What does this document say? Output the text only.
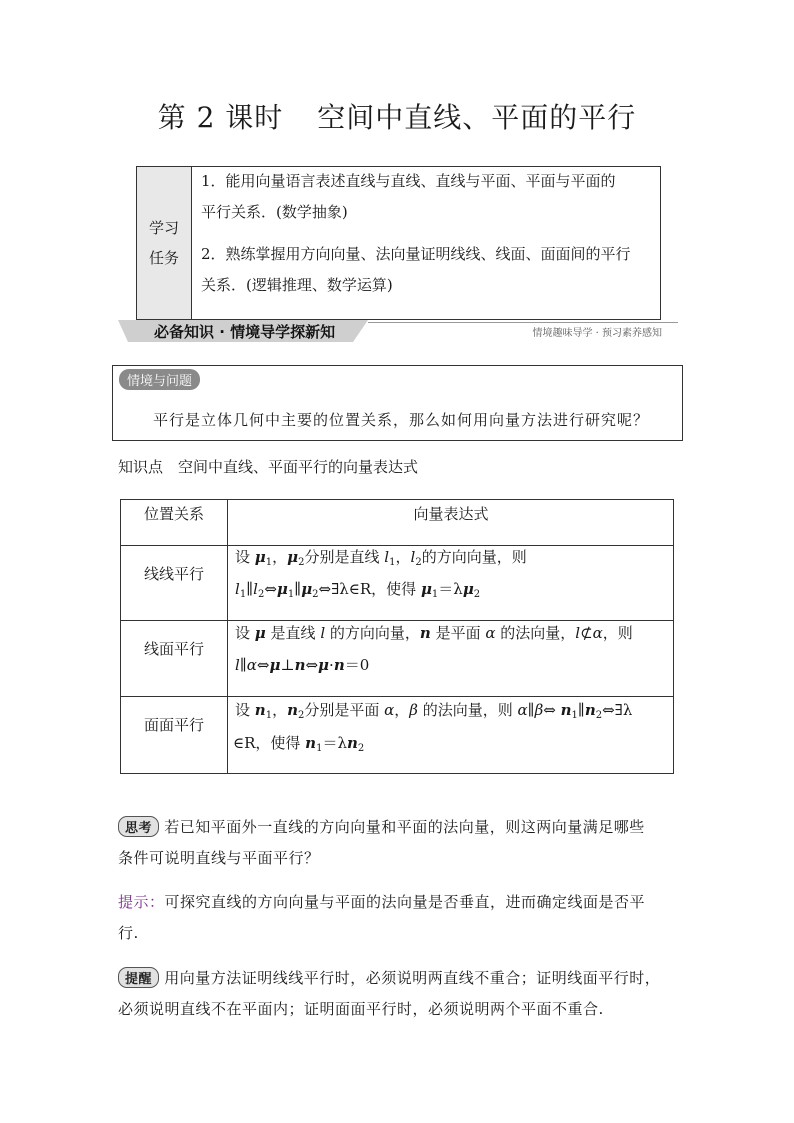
第 2 课时 空间中直线、平面的平行
学习
任务
1．能用向量语言表述直线与直线、直线与平面、平面与平面的
平行关系．(数学抽象)
2．熟练掌握用方向向量、法向量证明线线、线面、面面间的平行
关系．(逻辑推理、数学运算)
必备知识 · 情境导学探新知	情境趣味导学 · 预习素养感知
情境与问题
平行是立体几何中主要的位置关系，那么如何用向量方法进行研究呢？
知识点　空间中直线、平面平行的向量表达式
位置关系	向量表达式
线线平行
设 $\mu_1$，$\mu_2$分别是直线 $l_1$，$l_2$的方向向量，则
$l_1\parallel l_2\Leftrightarrow\mu_1\parallel\mu_2\Leftrightarrow\exists\lambda\in R$，使得 $\mu_1=\lambda\mu_2$
线面平行
设 μ 是直线 l 的方向向量，n 是平面 α 的法向量，l⊄α，则
l∥α⇔μ⊥n⇔μ·n＝0
面面平行
设 $n_1$，$n_2$分别是平面 α，β 的法向量，则 α∥β⇔ $n_1\parallel n_2\Leftrightarrow\exists\lambda$
∈R，使得 $n_1=\lambda n_2$
思考 若已知平面外一直线的方向向量和平面的法向量，则这两向量满足哪些
条件可说明直线与平面平行？
提示：可探究直线的方向向量与平面的法向量是否垂直，进而确定线面是否平
行.
提醒 用向量方法证明线线平行时，必须说明两直线不重合；证明线面平行时，
必须说明直线不在平面内；证明面面平行时，必须说明两个平面不重合.
